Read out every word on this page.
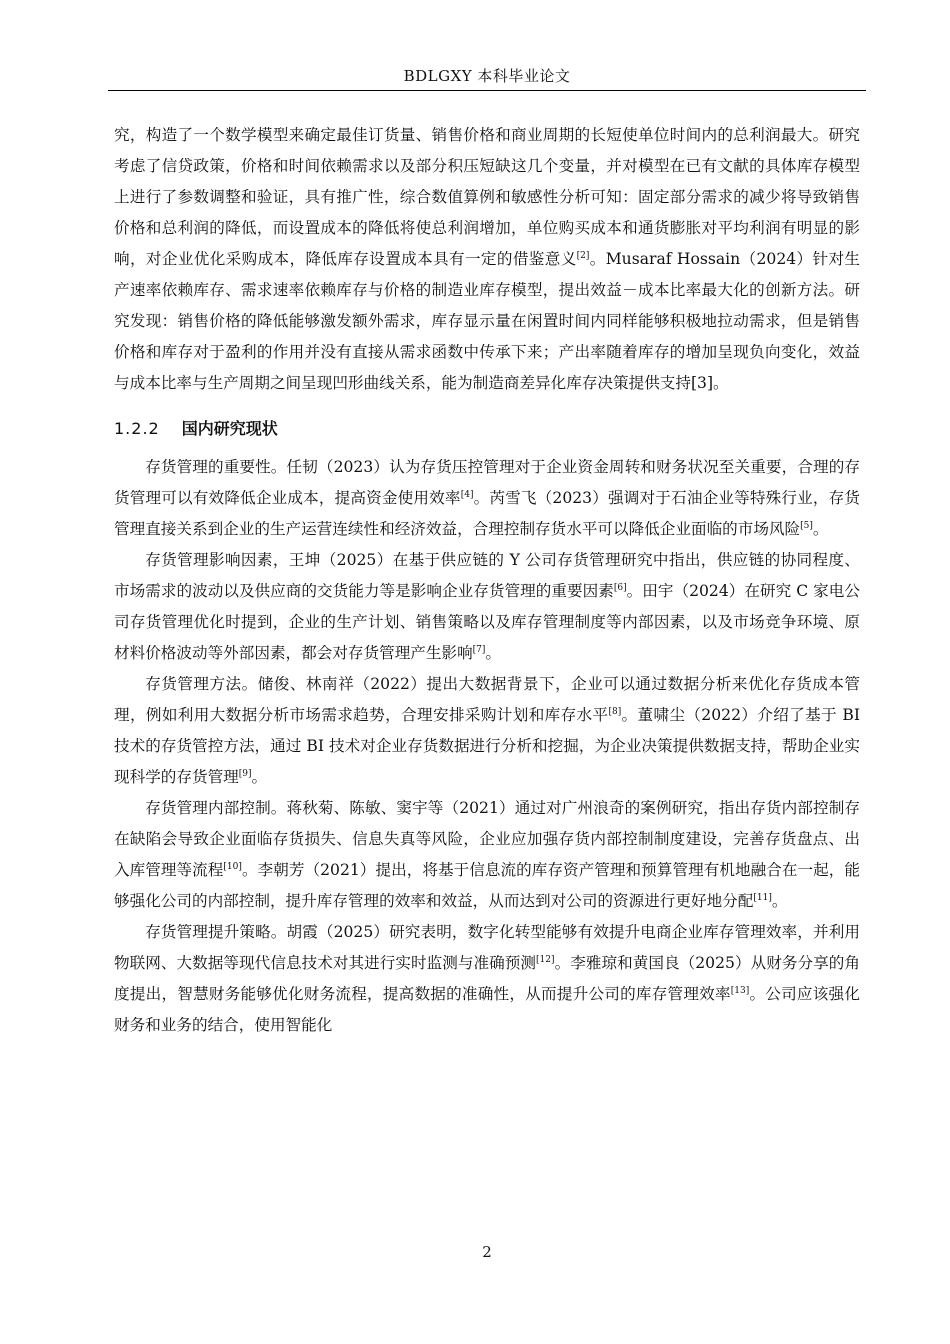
BDLGXY 本科毕业论文

究，构造了一个数学模型来确定最佳订货量、销售价格和商业周期的长短使单位时间内的总利润最大。研究考虑了信贷政策，价格和时间依赖需求以及部分积压短缺这几个变量，并对模型在已有文献的具体库存模型上进行了参数调整和验证，具有推广性，综合数值算例和敏感性分析可知：固定部分需求的减少将导致销售价格和总利润的降低，而设置成本的降低将使总利润增加，单位购买成本和通货膨胀对平均利润有明显的影响，对企业优化采购成本，降低库存设置成本具有一定的借鉴意义[2]。Musaraf Hossain（2024）针对生产速率依赖库存、需求速率依赖库存与价格的制造业库存模型，提出效益－成本比率最大化的创新方法。研究发现：销售价格的降低能够激发额外需求，库存显示量在闲置时间内同样能够积极地拉动需求，但是销售价格和库存对于盈利的作用并没有直接从需求函数中传承下来；产出率随着库存的增加呈现负向变化，效益与成本比率与生产周期之间呈现凹形曲线关系，能为制造商差异化库存决策提供支持[3]。

1.2.2 国内研究现状

存货管理的重要性。任韧（2023）认为存货压控管理对于企业资金周转和财务状况至关重要，合理的存货管理可以有效降低企业成本，提高资金使用效率[4]。芮雪飞（2023）强调对于石油企业等特殊行业，存货管理直接关系到企业的生产运营连续性和经济效益，合理控制存货水平可以降低企业面临的市场风险[5]。

存货管理影响因素，王坤（2025）在基于供应链的 Y 公司存货管理研究中指出，供应链的协同程度、市场需求的波动以及供应商的交货能力等是影响企业存货管理的重要因素[6]。田宇（2024）在研究 C 家电公司存货管理优化时提到，企业的生产计划、销售策略以及库存管理制度等内部因素，以及市场竞争环境、原材料价格波动等外部因素，都会对存货管理产生影响[7]。

存货管理方法。储俊、林南祥（2022）提出大数据背景下，企业可以通过数据分析来优化存货成本管理，例如利用大数据分析市场需求趋势，合理安排采购计划和库存水平[8]。董啸尘（2022）介绍了基于 BI 技术的存货管控方法，通过 BI 技术对企业存货数据进行分析和挖掘，为企业决策提供数据支持，帮助企业实现科学的存货管理[9]。

存货管理内部控制。蒋秋菊、陈敏、窦宇等（2021）通过对广州浪奇的案例研究，指出存货内部控制存在缺陷会导致企业面临存货损失、信息失真等风险，企业应加强存货内部控制制度建设，完善存货盘点、出入库管理等流程[10]。李朝芳（2021）提出，将基于信息流的库存资产管理和预算管理有机地融合在一起，能够强化公司的内部控制，提升库存管理的效率和效益，从而达到对公司的资源进行更好地分配[11]。

存货管理提升策略。胡霞（2025）研究表明，数字化转型能够有效提升电商企业库存管理效率，并利用物联网、大数据等现代信息技术对其进行实时监测与准确预测[12]。李雅琼和黄国良（2025）从财务分享的角度提出，智慧财务能够优化财务流程，提高数据的准确性，从而提升公司的库存管理效率[13]。公司应该强化财务和业务的结合，使用智能化

2
